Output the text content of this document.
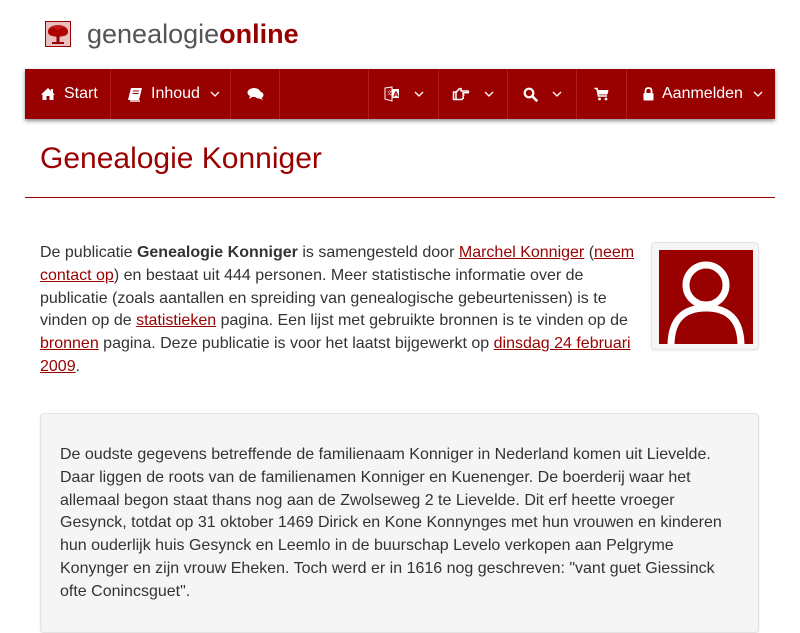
genealogieonline
Start	Inhoud	文 A	Aanmelden
Genealogie Konniger

De publicatie Genealogie Konniger is samengesteld door Marchel Konniger (neem contact op) en bestaat uit 444 personen. Meer statistische informatie over de publicatie (zoals aantallen en spreiding van genealogische gebeurtenissen) is te vinden op de statistieken pagina. Een lijst met gebruikte bronnen is te vinden op de bronnen pagina. Deze publicatie is voor het laatst bijgewerkt op dinsdag 24 februari 2009.

De oudste gegevens betreffende de familienaam Konniger in Nederland komen uit Lievelde. Daar liggen de roots van de familienamen Konniger en Kuenenger. De boerderij waar het allemaal begon staat thans nog aan de Zwolseweg 2 te Lievelde. Dit erf heette vroeger Gesynck, totdat op 31 oktober 1469 Dirick en Kone Konnynges met hun vrouwen en kinderen hun ouderlijk huis Gesynck en Leemlo in de buurschap Levelo verkopen aan Pelgryme Konynger en zijn vrouw Eheken. Toch werd er in 1616 nog geschreven: "vant guet Giessinck ofte Conincsguet".
